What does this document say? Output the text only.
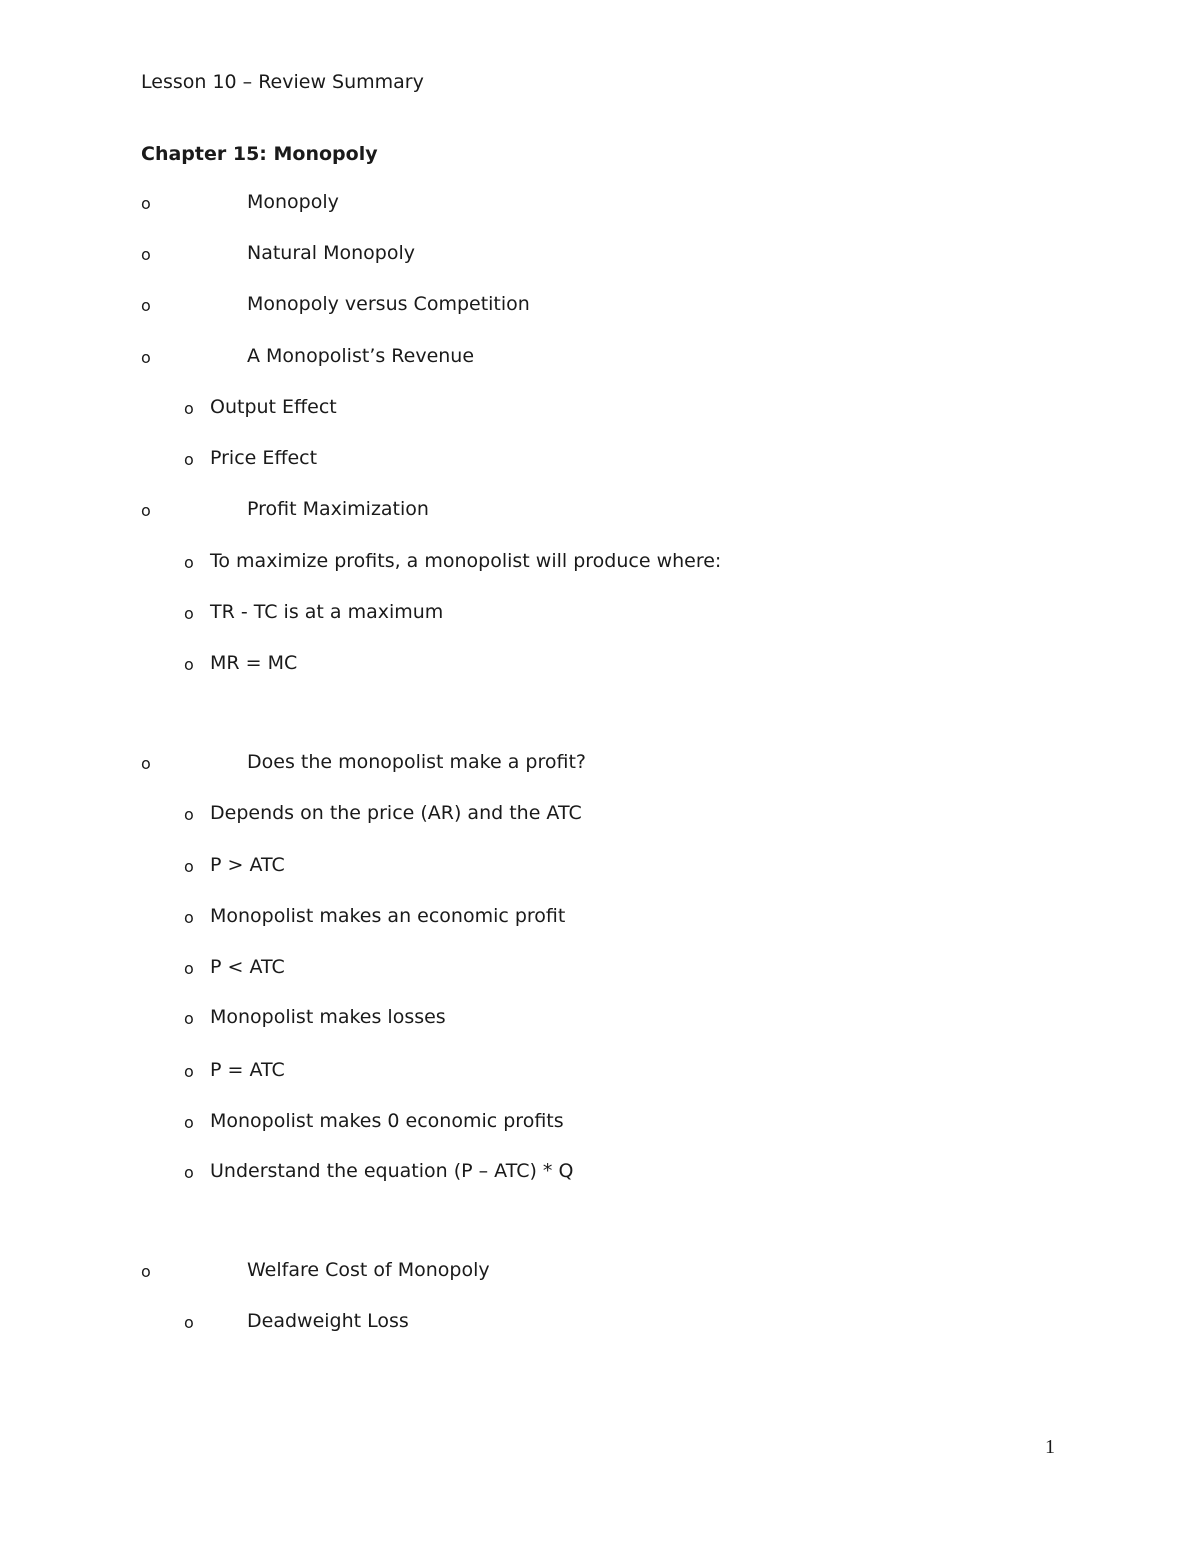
Lesson 10 – Review Summary
Chapter 15: Monopoly
o	Monopoly
o	Natural Monopoly
o	Monopoly versus Competition
o	A Monopolist’s Revenue
o Output Effect
o Price Effect
o	Profit Maximization
o To maximize profits, a monopolist will produce where:
o TR - TC is at a maximum
o MR = MC
o	Does the monopolist make a profit?
o Depends on the price (AR) and the ATC
o P > ATC
o Monopolist makes an economic profit
o P < ATC
o Monopolist makes losses
o P = ATC
o Monopolist makes 0 economic profits
o Understand the equation (P – ATC) * Q
o	Welfare Cost of Monopoly
o	Deadweight Loss
1
